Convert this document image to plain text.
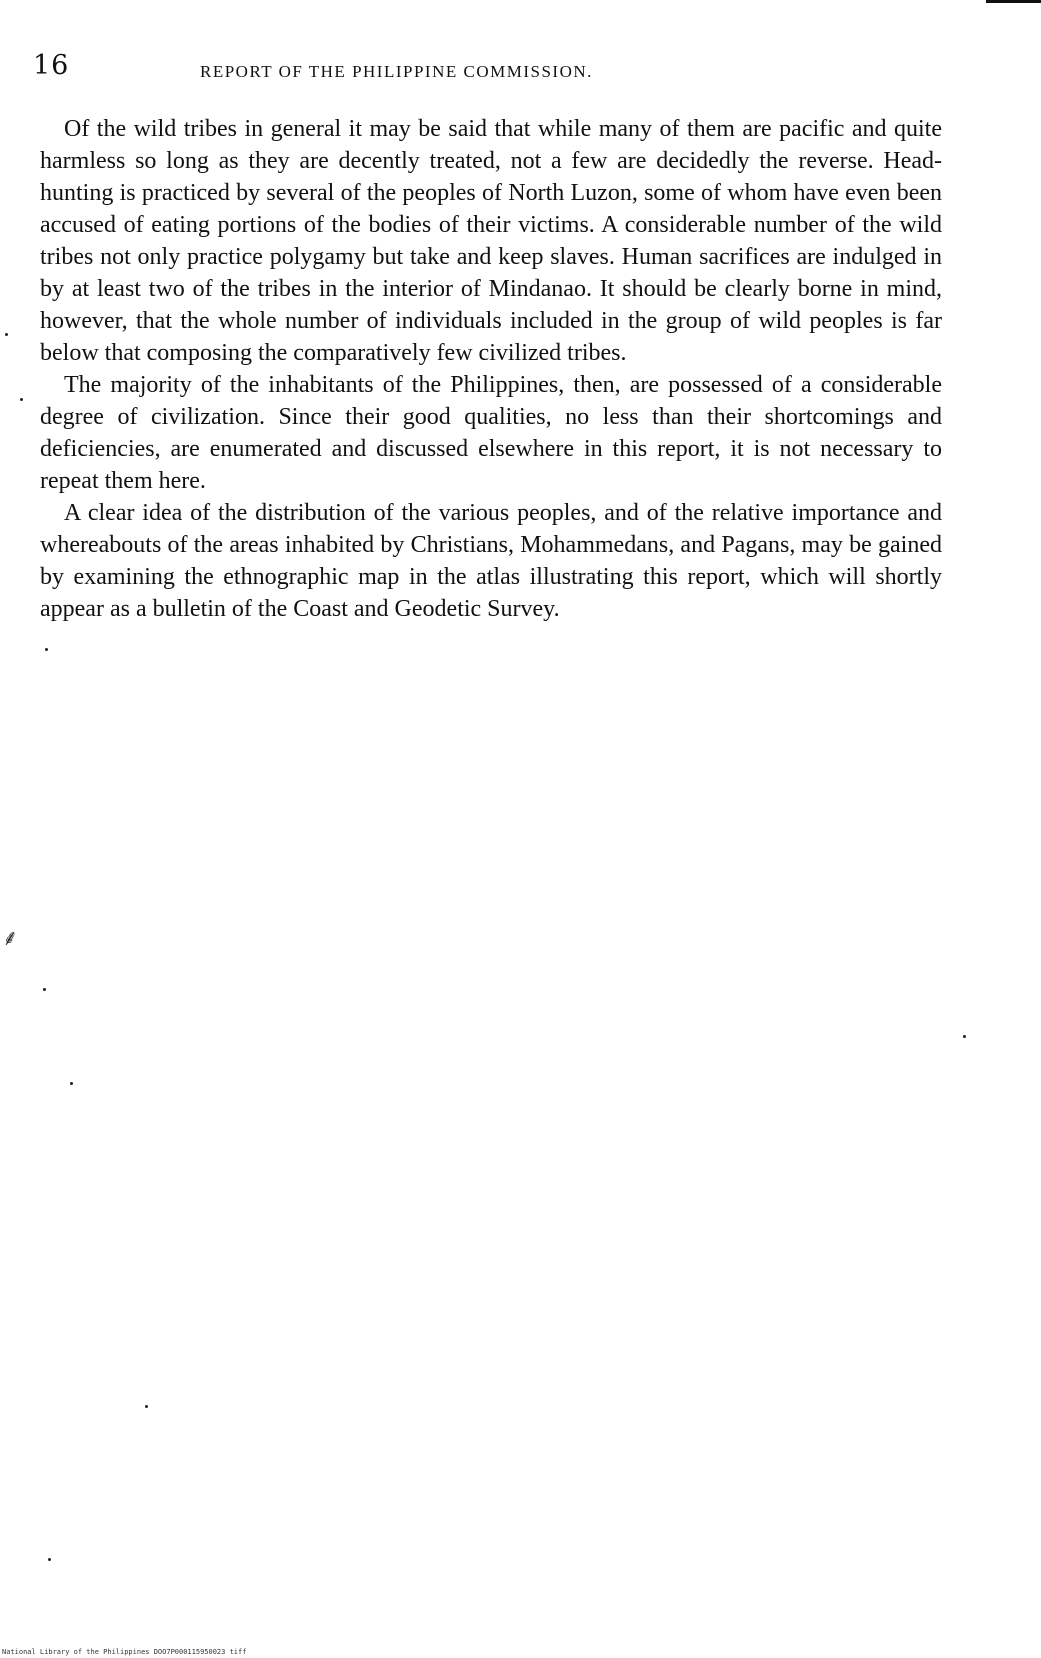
16	REPORT OF THE PHILIPPINE COMMISSION.

Of the wild tribes in general it may be said that while many of them are pacific and quite harmless so long as they are decently treated, not a few are decidedly the reverse. Head-hunting is practiced by several of the peoples of North Luzon, some of whom have even been accused of eating portions of the bodies of their victims. A considerable number of the wild tribes not only practice polygamy but take and keep slaves. Human sacrifices are indulged in by at least two of the tribes in the interior of Mindanao. It should be clearly borne in mind, however, that the whole number of individuals included in the group of wild peoples is far below that composing the comparatively few civilized tribes.

The majority of the inhabitants of the Philippines, then, are possessed of a considerable degree of civilization. Since their good qualities, no less than their shortcomings and deficiencies, are enumerated and discussed elsewhere in this report, it is not necessary to repeat them here.

A clear idea of the distribution of the various peoples, and of the relative importance and whereabouts of the areas inhabited by Christians, Mohammedans, and Pagans, may be gained by examining the ethnographic map in the atlas illustrating this report, which will shortly appear as a bulletin of the Coast and Geodetic Survey.

⸙
National Library of the Philippines DOO7P000115950023 tiff
